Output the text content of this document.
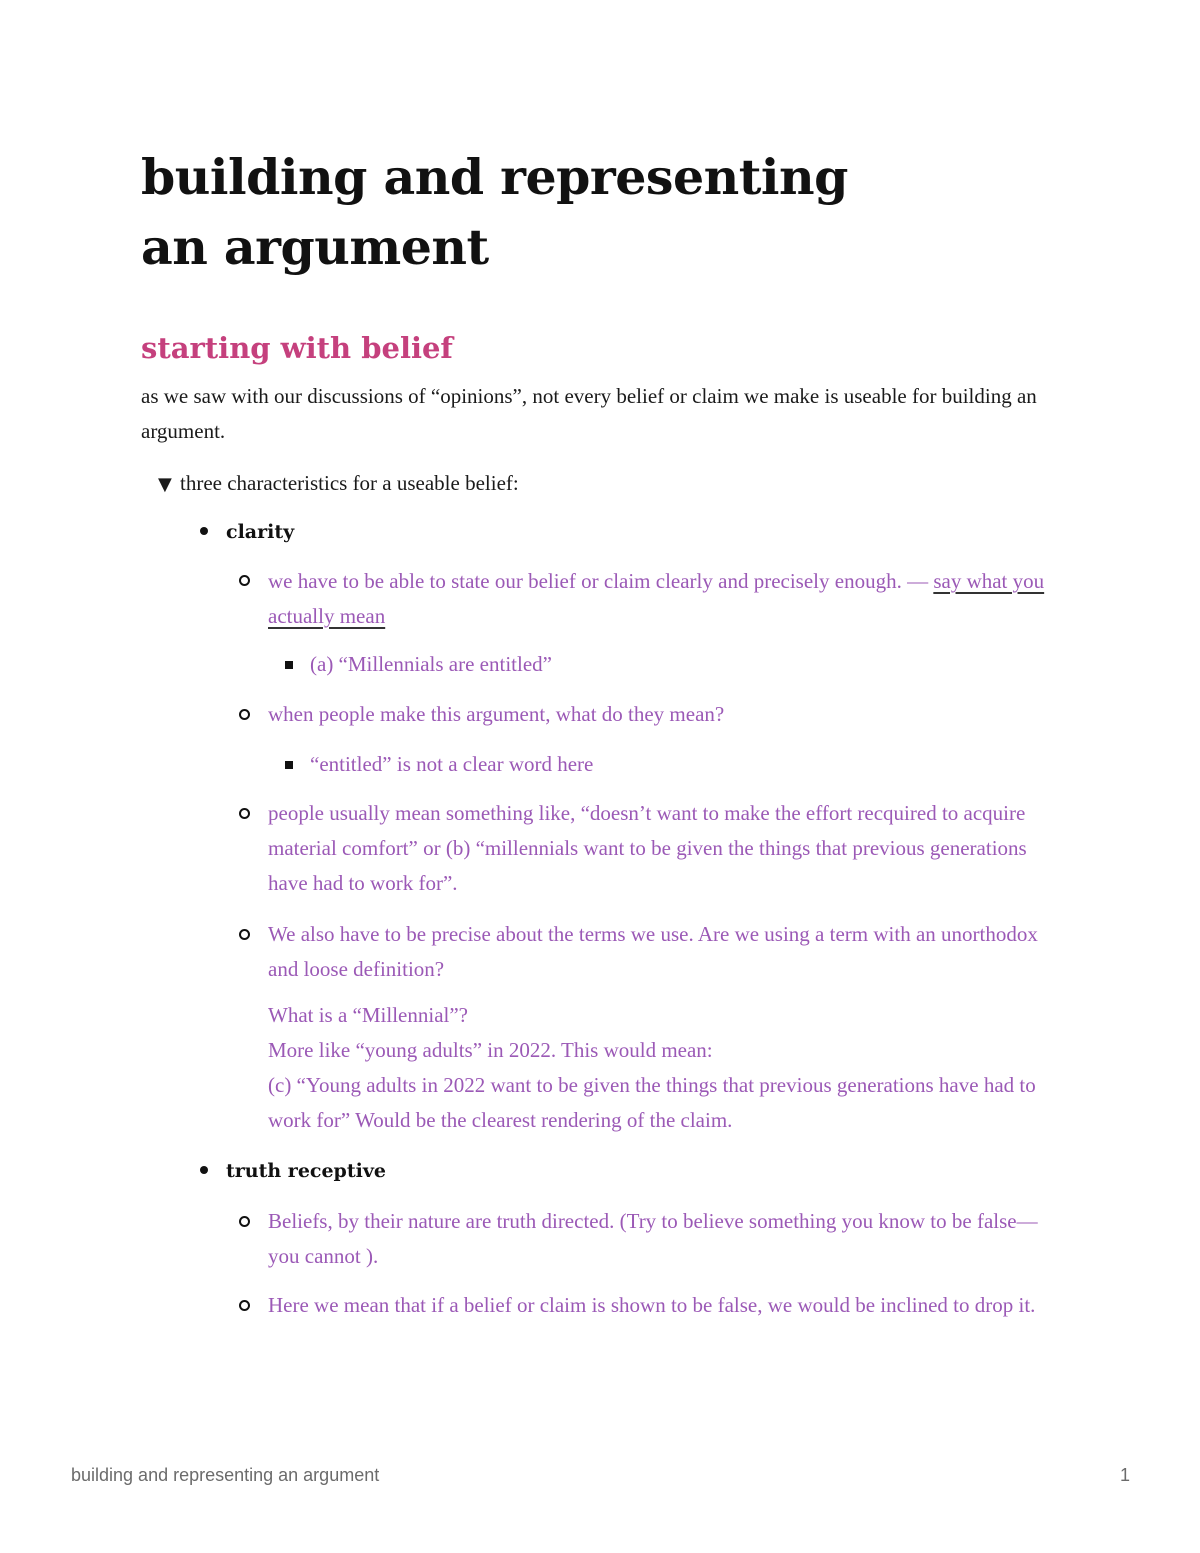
building and representing an argument
starting with belief

as we saw with our discussions of “opinions”, not every belief or claim we make is useable for building an argument.

▼ three characteristics for a useable belief:
clarity
we have to be able to state our belief or claim clearly and precisely enough. — say what you actually mean
(a) “Millennials are entitled”
when people make this argument, what do they mean?
“entitled” is not a clear word here
people usually mean something like, “doesn’t want to make the effort recquired to acquire material comfort” or (b) “millennials want to be given the things that previous generations have had to work for”.
We also have to be precise about the terms we use. Are we using a term with an unorthodox and loose definition?
What is a “Millennial”?
More like “young adults” in 2022. This would mean:
(c) “Young adults in 2022 want to be given the things that previous generations have had to work for” Would be the clearest rendering of the claim.
truth receptive
Beliefs, by their nature are truth directed. (Try to believe something you know to be false— you cannot ).
Here we mean that if a belief or claim is shown to be false, we would be inclined to drop it.
building and representing an argument	1
